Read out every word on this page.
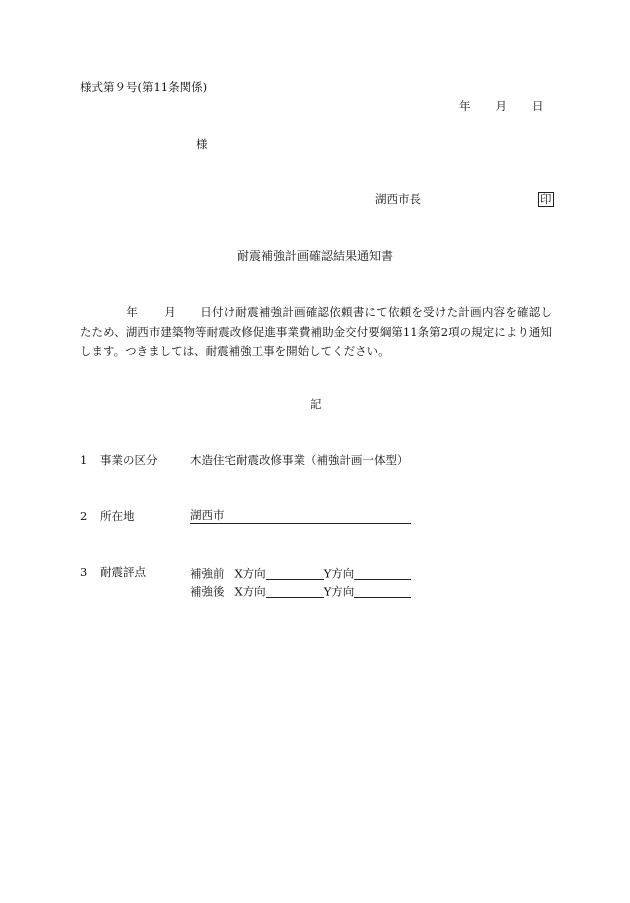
様式第９号(第11条関係)
年 月 日
様
湖西市長	印
耐震補強計画確認結果通知書
年 月 日付け耐震補強計画確認依頼書にて依頼を受けた計画内容を確認したため、湖西市建築物等耐震改修促進事業費補助金交付要綱第11条第2項の規定により通知します。つきましては、耐震補強工事を開始してください。
記
1 事業の区分	木造住宅耐震改修事業（補強計画一体型）
2 所在地	湖西市
3 耐震評点	補強前 X方向	Y方向
補強後 X方向	Y方向
